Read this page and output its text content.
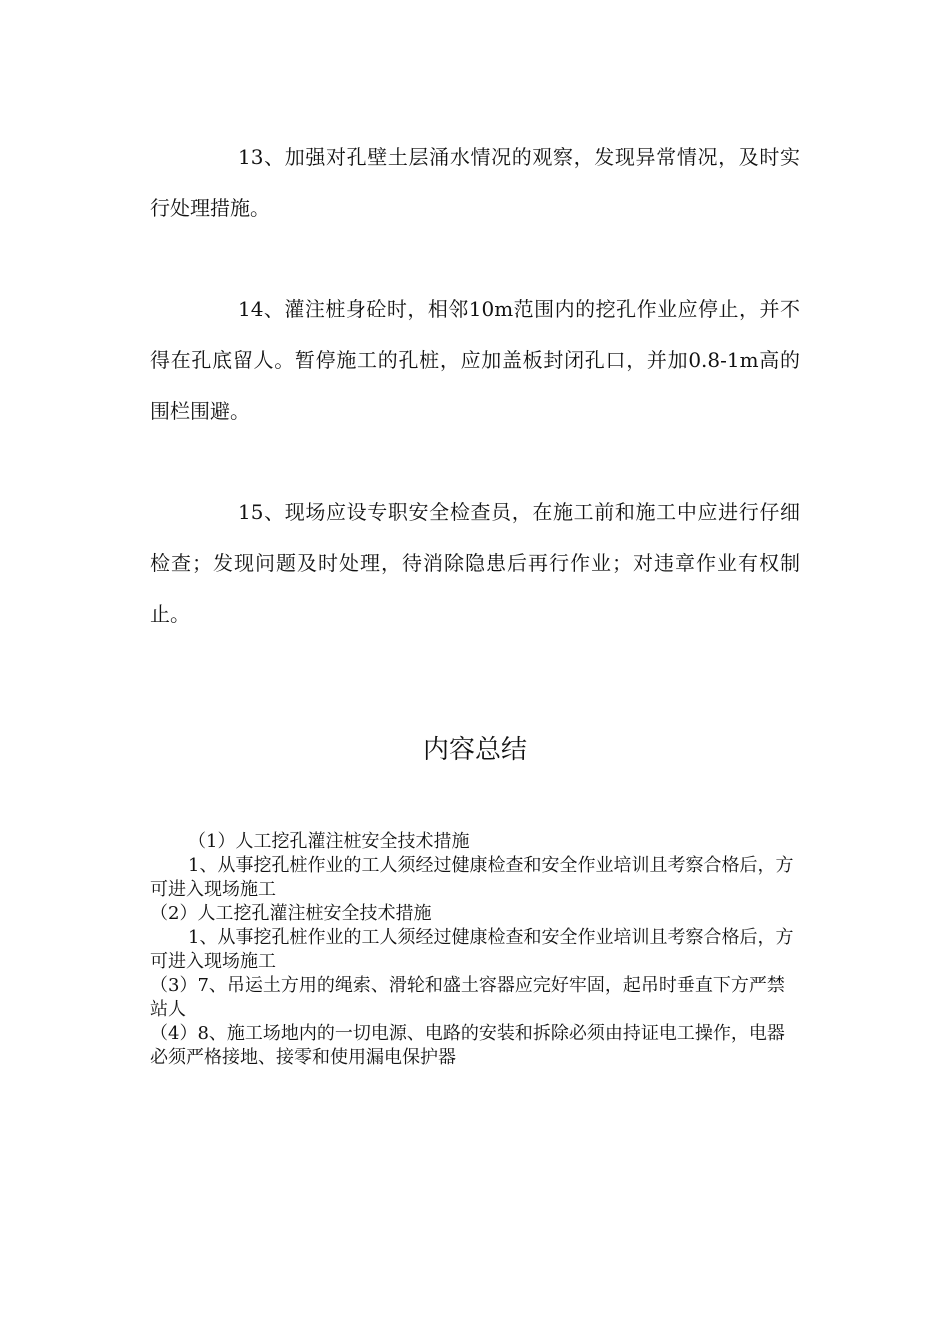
13、加强对孔壁土层涌水情况的观察，发现异常情况，及时实行处理措施。

14、灌注桩身砼时，相邻10m范围内的挖孔作业应停止，并不得在孔底留人。暂停施工的孔桩，应加盖板封闭孔口，并加0.8-1m高的围栏围避。

15、现场应设专职安全检查员，在施工前和施工中应进行仔细检查；发现问题及时处理，待消除隐患后再行作业；对违章作业有权制止。

内容总结

（1）人工挖孔灌注桩安全技术措施

1、从事挖孔桩作业的工人须经过健康检查和安全作业培训且考察合格后，方可进入现场施工

（2）人工挖孔灌注桩安全技术措施

1、从事挖孔桩作业的工人须经过健康检查和安全作业培训且考察合格后，方可进入现场施工

（3）7、吊运土方用的绳索、滑轮和盛土容器应完好牢固，起吊时垂直下方严禁站人

（4）8、施工场地内的一切电源、电路的安装和拆除必须由持证电工操作，电器必须严格接地、接零和使用漏电保护器
